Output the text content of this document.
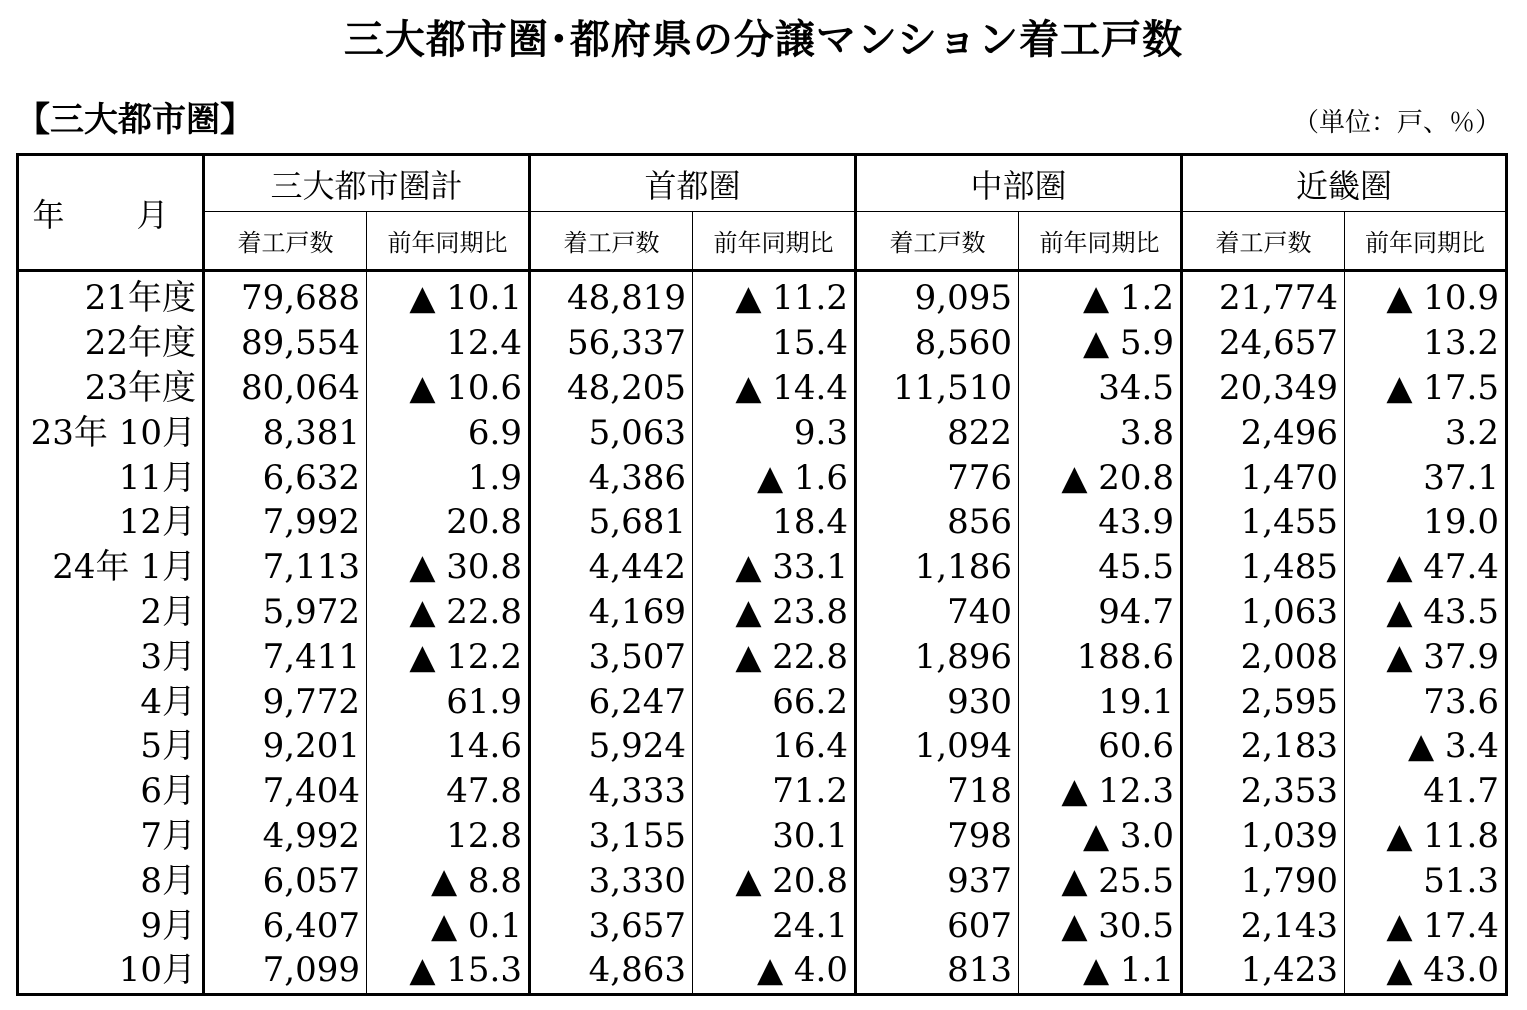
三大都市圏･都府県の分譲マンション着工戸数
【三大都市圏】	（単位：戸、％）
年　月	三大都市圏計		首都圏		中部圏		近畿圏	
	着工戸数	前年同期比	着工戸数	前年同期比	着工戸数	前年同期比	着工戸数	前年同期比
21年度	79,688	▲ 10.1	48,819	▲ 11.2	9,095	▲ 1.2	21,774	▲ 10.9
22年度	89,554	12.4	56,337	15.4	8,560	▲ 5.9	24,657	13.2
23年度	80,064	▲ 10.6	48,205	▲ 14.4	11,510	34.5	20,349	▲ 17.5
23年 10月	8,381	6.9	5,063	9.3	822	3.8	2,496	3.2
11月	6,632	1.9	4,386	▲ 1.6	776	▲ 20.8	1,470	37.1
12月	7,992	20.8	5,681	18.4	856	43.9	1,455	19.0
24年 1月	7,113	▲ 30.8	4,442	▲ 33.1	1,186	45.5	1,485	▲ 47.4
2月	5,972	▲ 22.8	4,169	▲ 23.8	740	94.7	1,063	▲ 43.5
3月	7,411	▲ 12.2	3,507	▲ 22.8	1,896	188.6	2,008	▲ 37.9
4月	9,772	61.9	6,247	66.2	930	19.1	2,595	73.6
5月	9,201	14.6	5,924	16.4	1,094	60.6	2,183	▲ 3.4
6月	7,404	47.8	4,333	71.2	718	▲ 12.3	2,353	41.7
7月	4,992	12.8	3,155	30.1	798	▲ 3.0	1,039	▲ 11.8
8月	6,057	▲ 8.8	3,330	▲ 20.8	937	▲ 25.5	1,790	51.3
9月	6,407	▲ 0.1	3,657	24.1	607	▲ 30.5	2,143	▲ 17.4
10月	7,099	▲ 15.3	4,863	▲ 4.0	813	▲ 1.1	1,423	▲ 43.0
